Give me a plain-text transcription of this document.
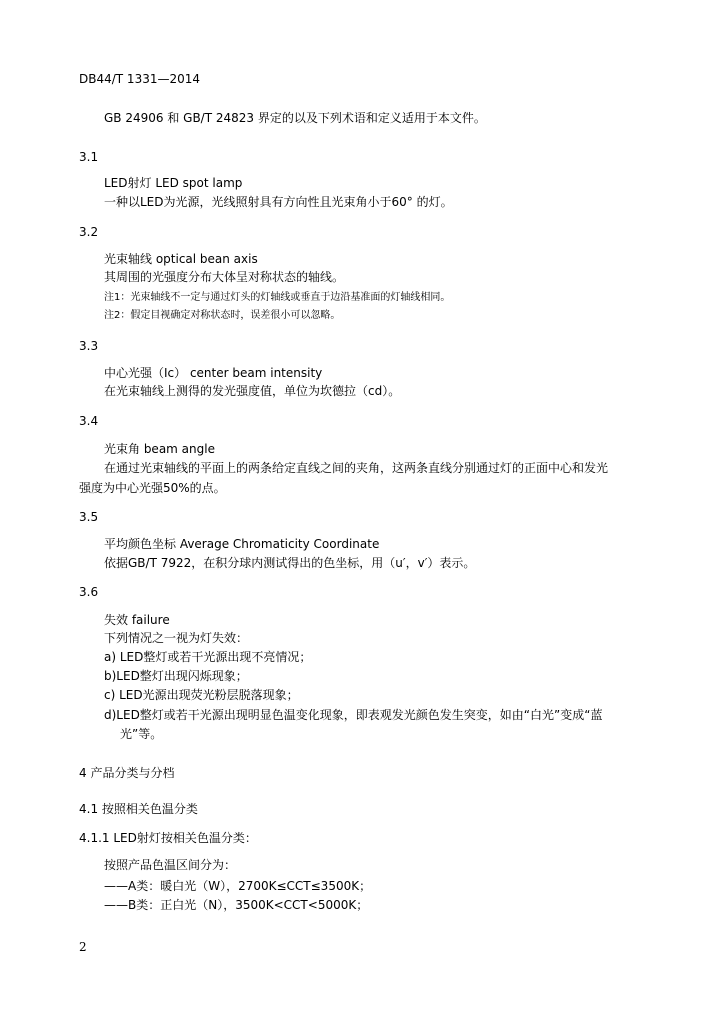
DB44/T 1331—2014
GB 24906 和 GB/T 24823 界定的以及下列术语和定义适用于本文件。
3.1
LED射灯 LED spot lamp
一种以LED为光源，光线照射具有方向性且光束角小于60° 的灯。
3.2
光束轴线 optical bean axis
其周围的光强度分布大体呈对称状态的轴线。
注1：光束轴线不一定与通过灯头的灯轴线或垂直于边沿基准面的灯轴线相同。
注2：假定目视确定对称状态时，误差很小可以忽略。
3.3
中心光强（Ic） center beam intensity
在光束轴线上测得的发光强度值，单位为坎德拉（cd）。
3.4
光束角 beam angle
在通过光束轴线的平面上的两条给定直线之间的夹角，这两条直线分别通过灯的正面中心和发光
强度为中心光强50%的点。
3.5
平均颜色坐标 Average Chromaticity Coordinate
依据GB/T 7922，在积分球内测试得出的色坐标，用（u′，v′）表示。
3.6
失效 failure
下列情况之一视为灯失效：
a) LED整灯或若干光源出现不亮情况；
b)LED整灯出现闪烁现象；
c) LED光源出现荧光粉层脱落现象；
d)LED整灯或若干光源出现明显色温变化现象，即表观发光颜色发生突变，如由“白光”变成“蓝
光”等。
4 产品分类与分档
4.1 按照相关色温分类
4.1.1 LED射灯按相关色温分类：
按照产品色温区间分为：
——A类：暖白光（W），2700K≤CCT≤3500K；
——B类：正白光（N），3500K<CCT<5000K；
2
